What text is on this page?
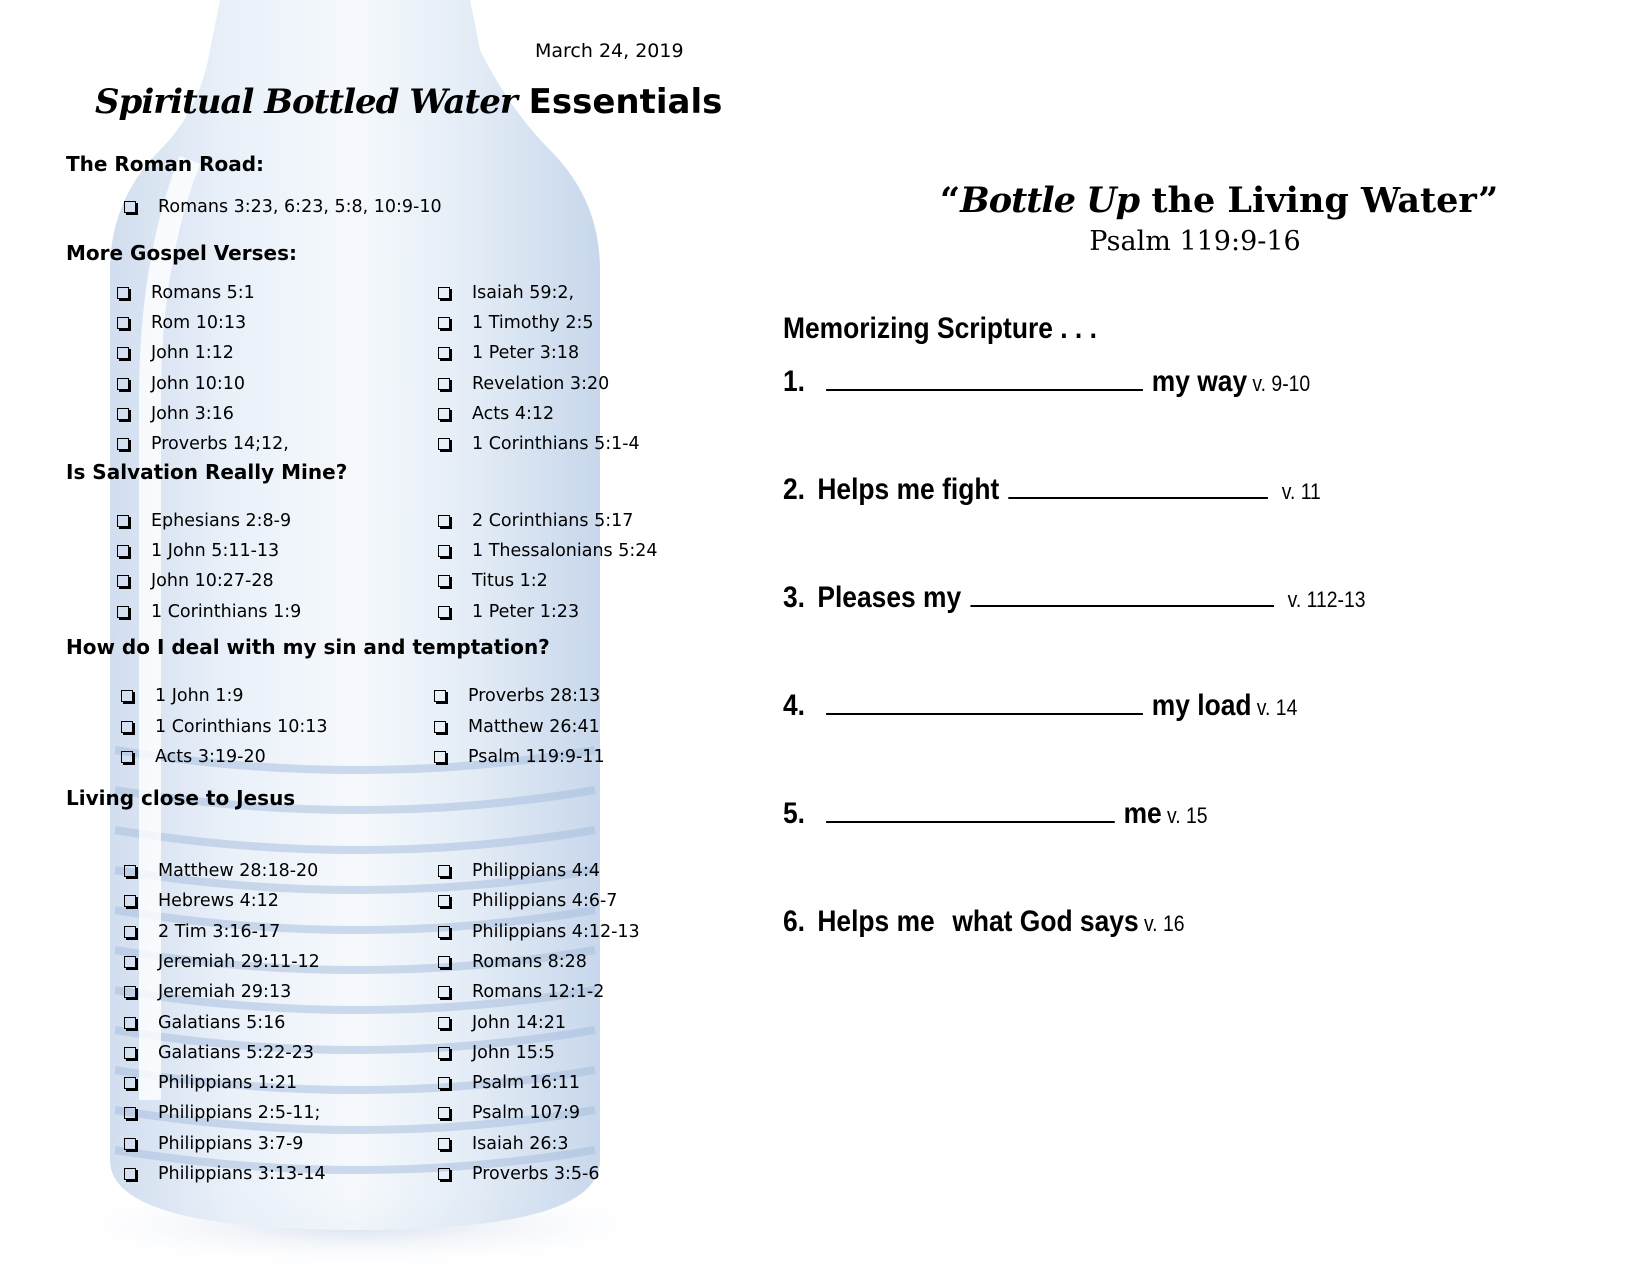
March 24, 2019
Spiritual Bottled Water Essentials
The Roman Road:
Romans 3:23, 6:23, 5:8, 10:9-10
More Gospel Verses:
Romans 5:1
Rom 10:13
John 1:12
John 10:10
John 3:16
Proverbs 14;12,
Isaiah 59:2,
1 Timothy 2:5
1 Peter 3:18
Revelation 3:20
Acts 4:12
1 Corinthians 5:1-4
Ephesians 2:8-9
1 John 5:11-13
John 10:27-28
1 Corinthians 1:9
2 Corinthians 5:17
1 Thessalonians 5:24
Titus 1:2
1 Peter 1:23
1 John 1:9
1 Corinthians 10:13
Acts 3:19-20
Proverbs 28:13
Matthew 26:41
Psalm 119:9-11
Matthew 28:18-20
Hebrews 4:12
2 Tim 3:16-17
Jeremiah 29:11-12
Jeremiah 29:13
Galatians 5:16
Galatians 5:22-23
Philippians 1:21
Philippians 2:5-11;
Philippians 3:7-9
Philippians 3:13-14
Philippians 4:4
Philippians 4:6-7
Philippians 4:12-13
Romans 8:28
Romans 12:1-2
John 14:21
John 15:5
Psalm 16:11
Psalm 107:9
Isaiah 26:3
Proverbs 3:5-6
Is Salvation Really Mine?
How do I deal with my sin and temptation?
Living close to Jesus
“Bottle Up the Living Water”
Psalm 119:9-16
Memorizing Scripture . . .
1.	my way v. 9-10
2. Helps me fight	v. 11
3. Pleases my	v. 112-13
4.	my load v. 14
5.	me v. 15
6. Helps me what God says v. 16
